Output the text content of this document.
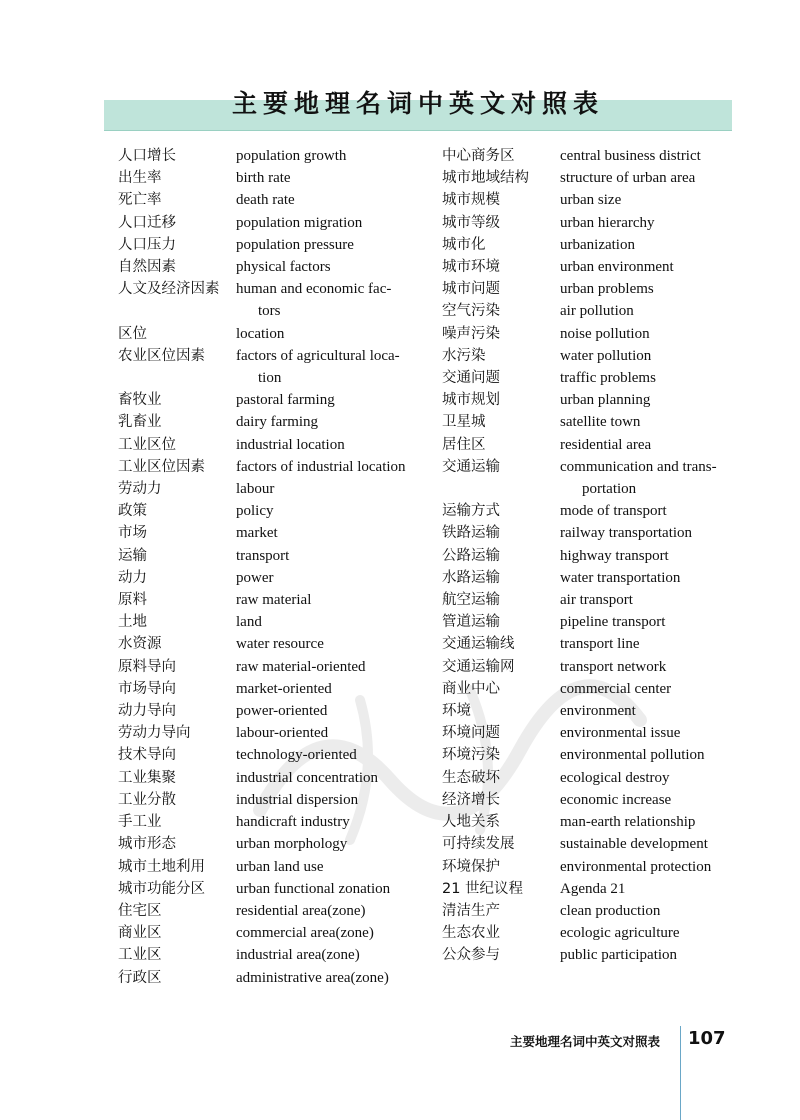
主要地理名词中英文对照表
人口增长	population growth
出生率	birth rate
死亡率	death rate
人口迁移	population migration
人口压力	population pressure
自然因素	physical factors
人文及经济因素	human and economic fac-
tors
区位	location
农业区位因素	factors of agricultural loca-
tion
畜牧业	pastoral farming
乳畜业	dairy farming
工业区位	industrial location
工业区位因素	factors of industrial location
劳动力	labour
政策	policy
市场	market
运输	transport
动力	power
原料	raw material
土地	land
水资源	water resource
原料导向	raw material-oriented
市场导向	market-oriented
动力导向	power-oriented
劳动力导向	labour-oriented
技术导向	technology-oriented
工业集聚	industrial concentration
工业分散	industrial dispersion
手工业	handicraft industry
城市形态	urban morphology
城市土地利用	urban land use
城市功能分区	urban functional zonation
住宅区	residential area(zone)
商业区	commercial area(zone)
工业区	industrial area(zone)
行政区	administrative area(zone)
中心商务区	central business district
城市地域结构	structure of urban area
城市规模	urban size
城市等级	urban hierarchy
城市化	urbanization
城市环境	urban environment
城市问题	urban problems
空气污染	air pollution
噪声污染	noise pollution
水污染	water pollution
交通问题	traffic problems
城市规划	urban planning
卫星城	satellite town
居住区	residential area
交通运输	communication and trans-
portation
运输方式	mode of transport
铁路运输	railway transportation
公路运输	highway transport
水路运输	water transportation
航空运输	air transport
管道运输	pipeline transport
交通运输线	transport line
交通运输网	transport network
商业中心	commercial center
环境	environment
环境问题	environmental issue
环境污染	environmental pollution
生态破坏	ecological destroy
经济增长	economic increase
人地关系	man-earth relationship
可持续发展	sustainable development
环境保护	environmental protection
21 世纪议程	Agenda 21
清洁生产	clean production
生态农业	ecologic agriculture
公众参与	public participation
主要地理名词中英文对照表 107
